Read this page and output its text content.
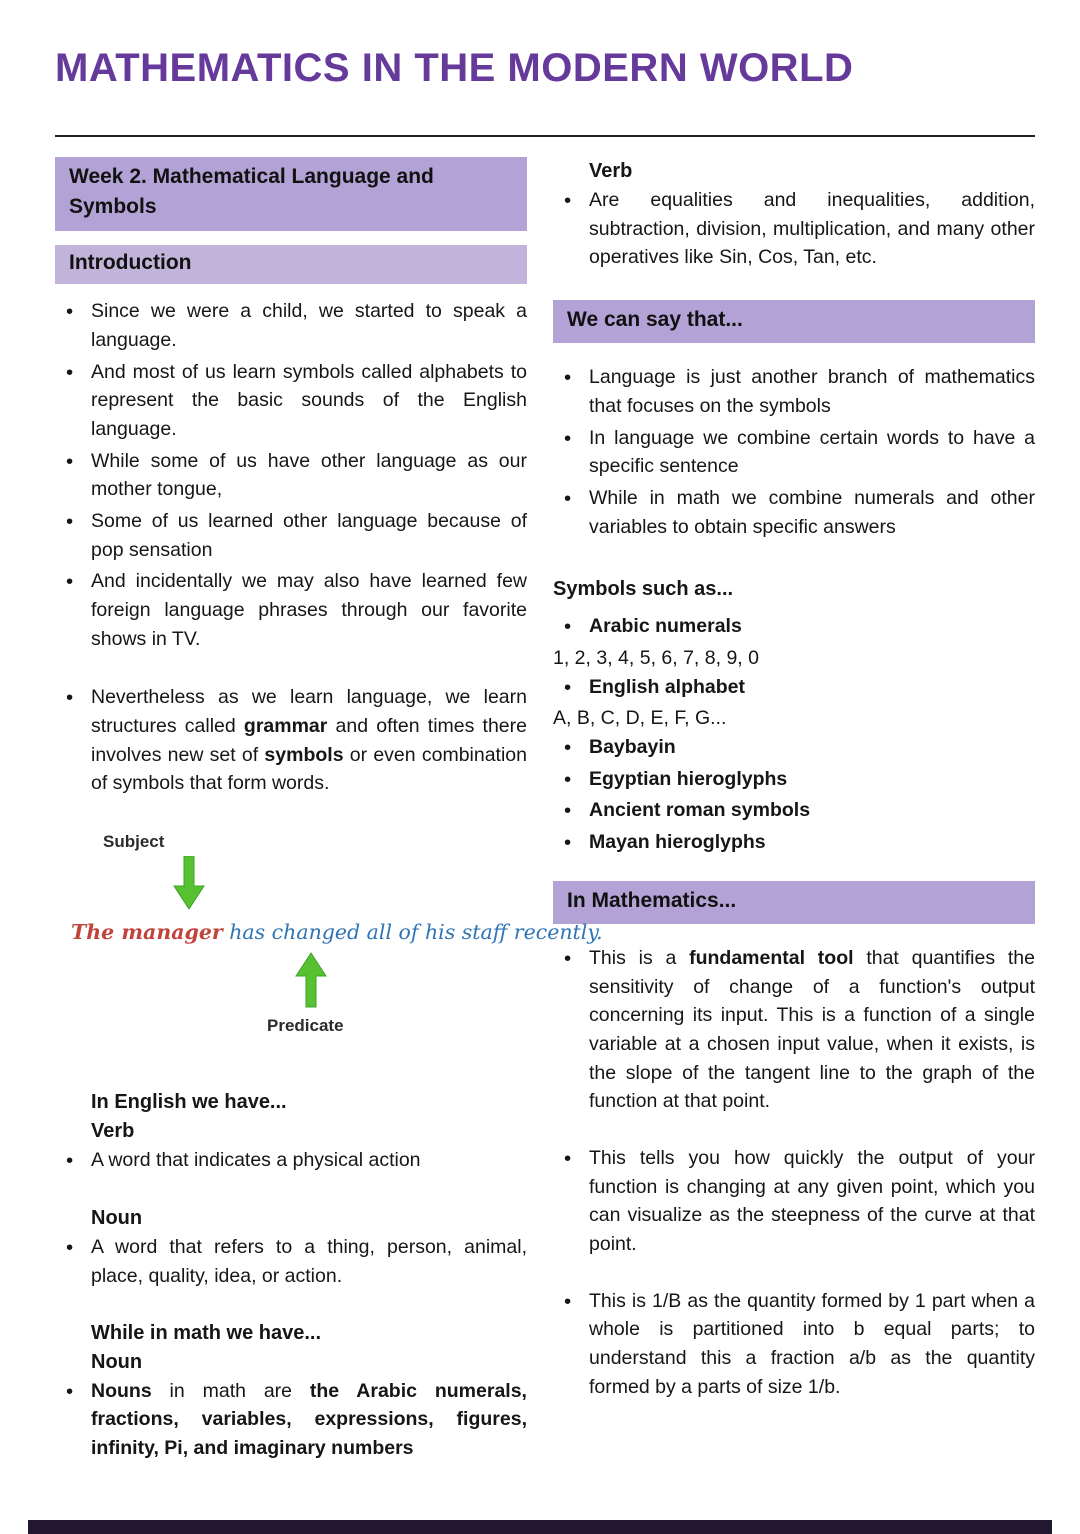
MATHEMATICS IN THE MODERN WORLD
Week 2. Mathematical Language and Symbols
Introduction
• Since we were a child, we started to speak a language.
• And most of us learn symbols called alphabets to represent the basic sounds of the English language.
• While some of us have other language as our mother tongue,
• Some of us learned other language because of pop sensation
• And incidentally we may also have learned few foreign language phrases through our favorite shows in TV.
• Nevertheless as we learn language, we learn structures called grammar and often times there involves new set of symbols or even combination of symbols that form words.
Subject
The manager has changed all of his staff recently.
Predicate
In English we have...
Verb
• A word that indicates a physical action
Noun
• A word that refers to a thing, person, animal, place, quality, idea, or action.
While in math we have...
Noun
• Nouns in math are the Arabic numerals, fractions, variables, expressions, figures, infinity, Pi, and imaginary numbers
Verb
• Are equalities and inequalities, addition, subtraction, division, multiplication, and many other operatives like Sin, Cos, Tan, etc.
We can say that...
• Language is just another branch of mathematics that focuses on the symbols
• In language we combine certain words to have a specific sentence
• While in math we combine numerals and other variables to obtain specific answers
Symbols such as...
• Arabic numerals
1, 2, 3, 4, 5, 6, 7, 8, 9, 0
• English alphabet
A, B, C, D, E, F, G...
• Baybayin
• Egyptian hieroglyphs
• Ancient roman symbols
• Mayan hieroglyphs
In Mathematics...
• This is a fundamental tool that quantifies the sensitivity of change of a function's output concerning its input. This is a function of a single variable at a chosen input value, when it exists, is the slope of the tangent line to the graph of the function at that point.
• This tells you how quickly the output of your function is changing at any given point, which you can visualize as the steepness of the curve at that point.
• This is 1/B as the quantity formed by 1 part when a whole is partitioned into b equal parts; to understand this a fraction a/b as the quantity formed by a parts of size 1/b.
